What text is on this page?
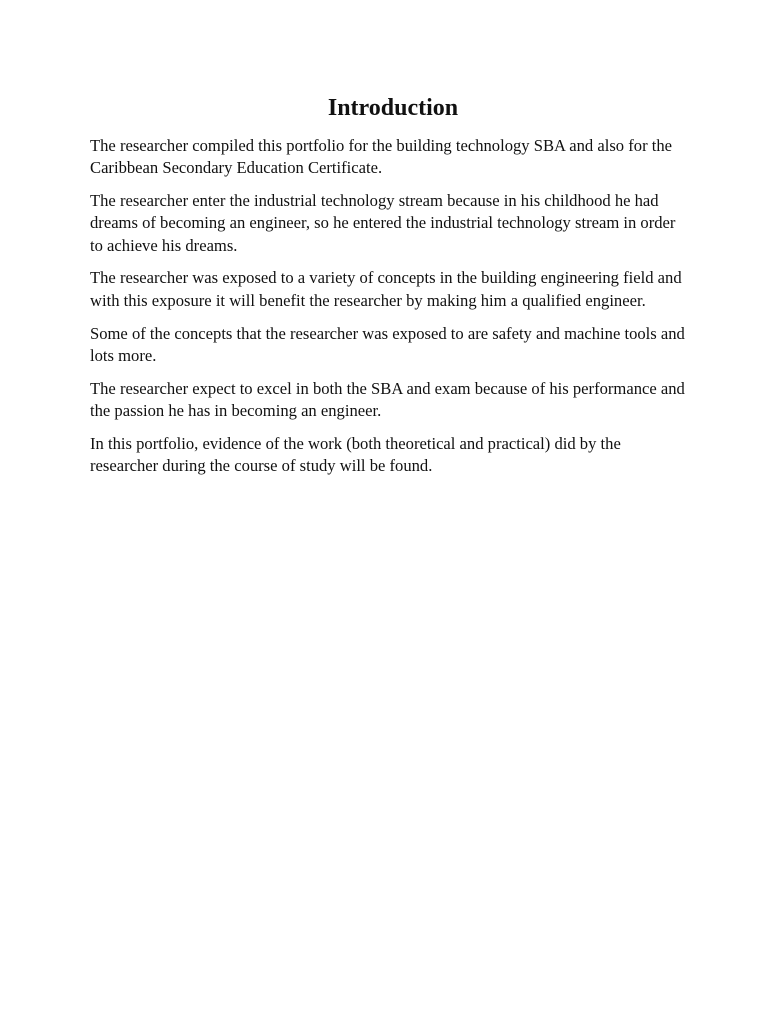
Introduction

The researcher compiled this portfolio for the building technology SBA and also for the Caribbean Secondary Education Certificate.

The researcher enter the industrial technology stream because in his childhood he had dreams of becoming an engineer, so he entered the industrial technology stream in order to achieve his dreams.

The researcher was exposed to a variety of concepts in the building engineering field and with this exposure it will benefit the researcher by making him a qualified engineer.

Some of the concepts that the researcher was exposed to are safety and machine tools and lots more.

The researcher expect to excel in both the SBA and exam because of his performance and the passion he has in becoming an engineer.

In this portfolio, evidence of the work (both theoretical and practical) did by the researcher during the course of study will be found.
